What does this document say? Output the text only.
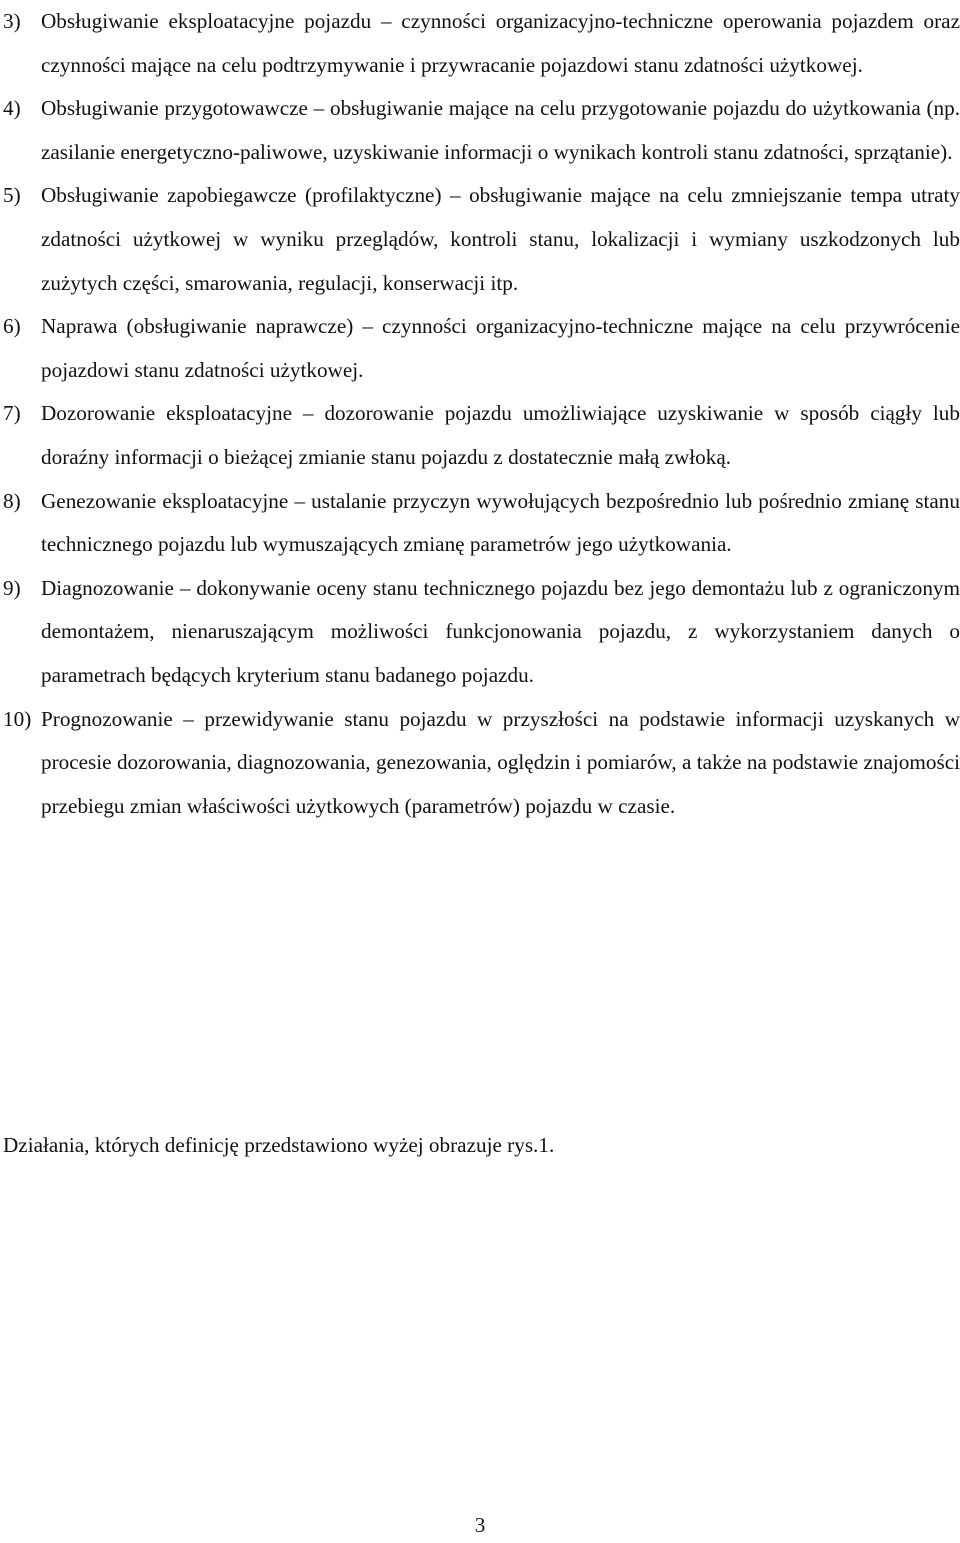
3) Obsługiwanie eksploatacyjne pojazdu – czynności organizacyjno-techniczne operowania pojazdem oraz czynności mające na celu podtrzymywanie i przywracanie pojazdowi stanu zdatności użytkowej.
4) Obsługiwanie przygotowawcze – obsługiwanie mające na celu przygotowanie pojazdu do użytkowania (np. zasilanie energetyczno-paliwowe, uzyskiwanie informacji o wynikach kontroli stanu zdatności, sprzątanie).
5) Obsługiwanie zapobiegawcze (profilaktyczne) – obsługiwanie mające na celu zmniejszanie tempa utraty zdatności użytkowej w wyniku przeglądów, kontroli stanu, lokalizacji i wymiany uszkodzonych lub zużytych części, smarowania, regulacji, konserwacji itp.
6) Naprawa (obsługiwanie naprawcze) – czynności organizacyjno-techniczne mające na celu przywrócenie pojazdowi stanu zdatności użytkowej.
7) Dozorowanie eksploatacyjne – dozorowanie pojazdu umożliwiające uzyskiwanie w sposób ciągły lub doraźny informacji o bieżącej zmianie stanu pojazdu z dostatecznie małą zwłoką.
8) Genezowanie eksploatacyjne – ustalanie przyczyn wywołujących bezpośrednio lub pośrednio zmianę stanu technicznego pojazdu lub wymuszających zmianę parametrów jego użytkowania.
9) Diagnozowanie – dokonywanie oceny stanu technicznego pojazdu bez jego demontażu lub z ograniczonym demontażem, nienaruszającym możliwości funkcjonowania pojazdu, z wykorzystaniem danych o parametrach będących kryterium stanu badanego pojazdu.
10) Prognozowanie – przewidywanie stanu pojazdu w przyszłości na podstawie informacji uzyskanych w procesie dozorowania, diagnozowania, genezowania, oględzin i pomiarów, a także na podstawie znajomości przebiegu zmian właściwości użytkowych (parametrów) pojazdu w czasie.

Działania, których definicję przedstawiono wyżej obrazuje rys.1.

3
